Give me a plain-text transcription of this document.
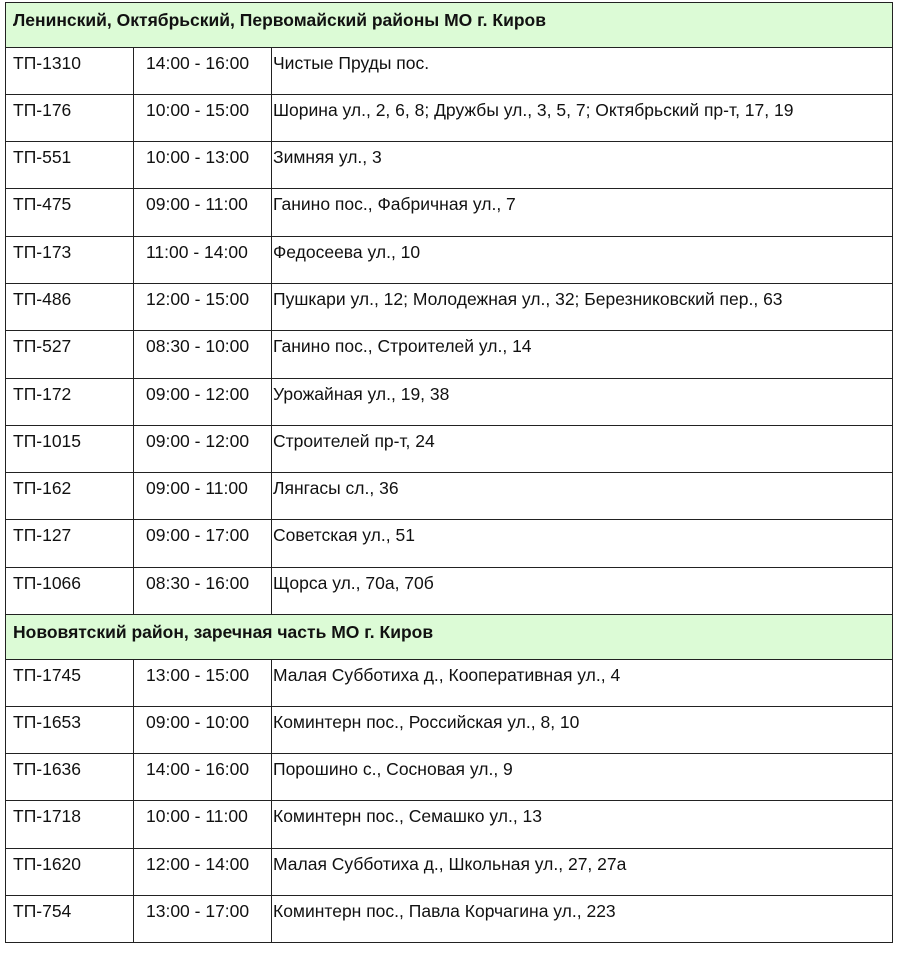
Ленинский, Октябрьский, Первомайский районы МО г. Киров		
ТП-1310	14:00 - 16:00	Чистые Пруды пос.
ТП-176	10:00 - 15:00	Шорина ул., 2, 6, 8; Дружбы ул., 3, 5, 7; Октябрьский пр-т, 17, 19
ТП-551	10:00 - 13:00	Зимняя ул., 3
ТП-475	09:00 - 11:00	Ганино пос., Фабричная ул., 7
ТП-173	11:00 - 14:00	Федосеева ул., 10
ТП-486	12:00 - 15:00	Пушкари ул., 12; Молодежная ул., 32; Березниковский пер., 63
ТП-527	08:30 - 10:00	Ганино пос., Строителей ул., 14
ТП-172	09:00 - 12:00	Урожайная ул., 19, 38
ТП-1015	09:00 - 12:00	Строителей пр-т, 24
ТП-162	09:00 - 11:00	Лянгасы сл., 36
ТП-127	09:00 - 17:00	Советская ул., 51
ТП-1066	08:30 - 16:00	Щорса ул., 70а, 70б
Нововятский район, заречная часть МО г. Киров		
ТП-1745	13:00 - 15:00	Малая Субботиха д., Кооперативная ул., 4
ТП-1653	09:00 - 10:00	Коминтерн пос., Российская ул., 8, 10
ТП-1636	14:00 - 16:00	Порошино с., Сосновая ул., 9
ТП-1718	10:00 - 11:00	Коминтерн пос., Семашко ул., 13
ТП-1620	12:00 - 14:00	Малая Субботиха д., Школьная ул., 27, 27а
ТП-754	13:00 - 17:00	Коминтерн пос., Павла Корчагина ул., 223
